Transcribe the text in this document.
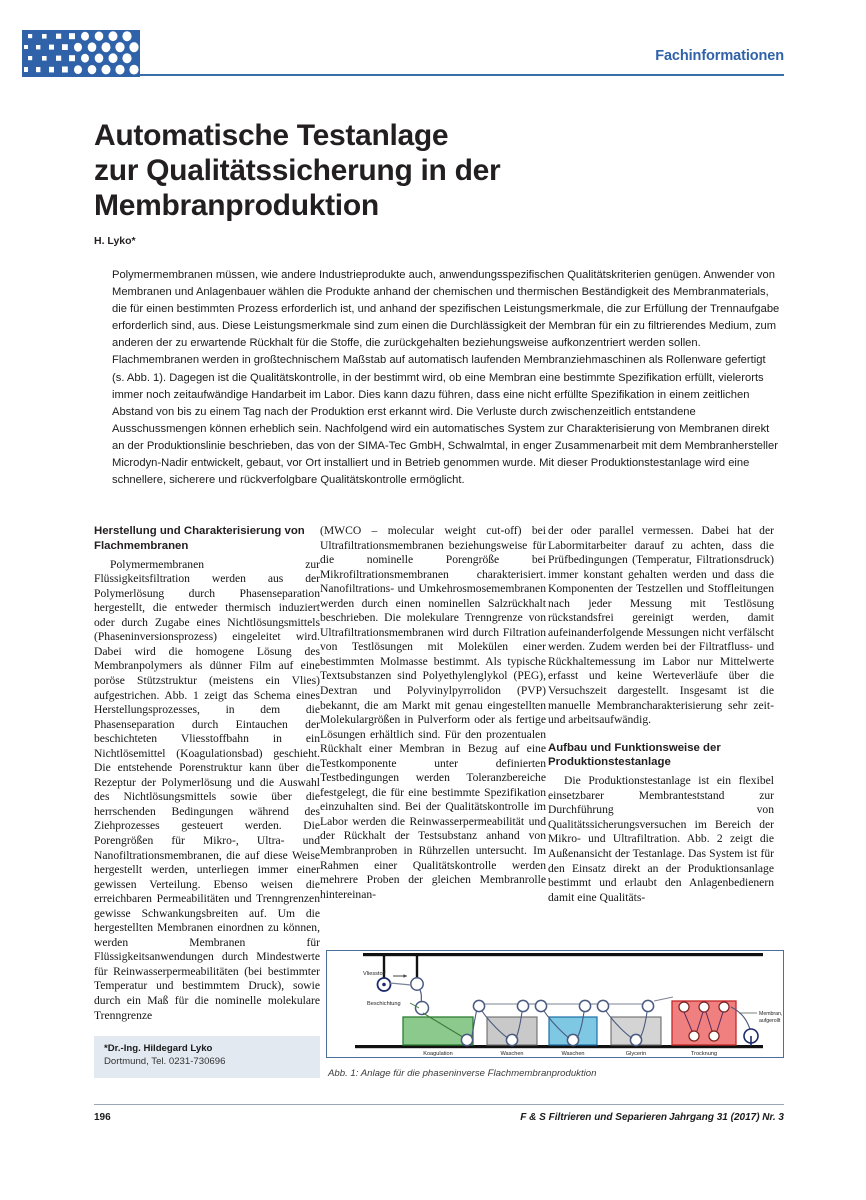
Fachinformationen
Automatische Testanlage
zur Qualitätssicherung in der
Membranproduktion
H. Lyko*
Polymermembranen müssen, wie andere Industrieprodukte auch, anwendungsspezifischen Qualitätskriterien genügen. Anwender von Membranen und Anlagenbauer wählen die Produkte anhand der chemischen und thermischen Beständigkeit des Membranmaterials, die für einen bestimmten Prozess erforderlich ist, und anhand der spezifischen Leistungsmerkmale, die zur Erfüllung der Trennaufgabe erforderlich sind, aus. Diese Leistungsmerkmale sind zum einen die Durchlässigkeit der Membran für ein zu filtrierendes Medium, zum anderen der zu erwartende Rückhalt für die Stoffe, die zurückgehalten beziehungsweise aufkonzentriert werden sollen. Flachmembranen werden in großtechnischem Maßstab auf automatisch laufenden Membranziehmaschinen als Rollenware gefertigt (s. Abb. 1). Dagegen ist die Qualitätskontrolle, in der bestimmt wird, ob eine Membran eine bestimmte Spezifikation erfüllt, vielerorts immer noch zeitaufwändige Handarbeit im Labor. Dies kann dazu führen, dass eine nicht erfüllte Spezifikation in einem zeitlichen Abstand von bis zu einem Tag nach der Produktion erst erkannt wird. Die Verluste durch zwischenzeitlich entstandene Ausschussmengen können erheblich sein. Nachfolgend wird ein automatisches System zur Charakterisierung von Membranen direkt an der Produktionslinie beschrieben, das von der SIMA-Tec GmbH, Schwalmtal, in enger Zusammenarbeit mit dem Membranhersteller Microdyn-Nadir entwickelt, gebaut, vor Ort installiert und in Betrieb genommen wurde. Mit dieser Produktionstestanlage wird eine schnellere, sicherere und rückverfolgbare Qualitätskontrolle ermöglicht.
Herstellung und Charakterisierung von Flachmembranen

Polymermembranen zur Flüssigkeitsfiltration werden aus der Polymerlösung durch Phasenseparation hergestellt, die entweder thermisch induziert oder durch Zugabe eines Nichtlösungsmittels (Phaseninversionsprozess) eingeleitet wird. Dabei wird die homogene Lösung des Membranpolymers als dünner Film auf eine poröse Stützstruktur (meistens ein Vlies) aufgestrichen. Abb. 1 zeigt das Schema eines Herstellungsprozesses, in dem die Phasenseparation durch Eintauchen der beschichteten Vliesstoffbahn in ein Nichtlösemittel (Koagulationsbad) geschieht. Die entstehende Porenstruktur kann über die Rezeptur der Polymerlösung und die Auswahl des Nichtlösungsmittels sowie über die herrschenden Bedingungen während des Ziehprozesses gesteuert werden. Die Porengrößen für Mikro-, Ultra- und Nanofiltrationsmembranen, die auf diese Weise hergestellt werden, unterliegen immer einer gewissen Verteilung. Ebenso weisen die erreichbaren Permeabilitäten und Trenngrenzen gewisse Schwankungsbreiten auf. Um die hergestellten Membranen einordnen zu können, werden Membranen für Flüssigkeitsanwendungen durch Mindestwerte für Reinwasserpermeabilitäten (bei bestimmter Temperatur und bestimmtem Druck), sowie durch ein Maß für die nominelle molekulare Trenngrenze

(MWCO – molecular weight cut-off) bei Ultrafiltrationsmembranen beziehungsweise für die nominelle Porengröße bei Mikrofiltrationsmembranen charakterisiert. Nanofiltrations- und Umkehrosmosemembranen werden durch einen nominellen Salzrückhalt beschrieben. Die molekulare Trenngrenze von Ultrafiltrationsmembranen wird durch Filtration von Testlösungen mit Molekülen einer bestimmten Molmasse bestimmt. Als typische Textsubstanzen sind Polyethylenglykol (PEG), Dextran und Polyvinylpyrrolidon (PVP) bekannt, die am Markt mit genau eingestellten Molekulargrößen in Pulverform oder als fertige Lösungen erhältlich sind. Für den prozentualen Rückhalt einer Membran in Bezug auf eine Testkomponente unter definierten Testbedingungen werden Toleranzbereiche festgelegt, die für eine bestimmte Spezifikation einzuhalten sind. Bei der Qualitätskontrolle im Labor werden die Reinwasserpermeabilität und der Rückhalt der Testsubstanz anhand von Membranproben in Rührzellen untersucht. Im Rahmen einer Qualitätskontrolle werden mehrere Proben der gleichen Membranrolle hintereinan-

der oder parallel vermessen. Dabei hat der Labormitarbeiter darauf zu achten, dass die Prüfbedingungen (Temperatur, Filtrationsdruck) immer konstant gehalten werden und dass die Komponenten der Testzellen und Stoffleitungen nach jeder Messung mit Testlösung rückstandsfrei gereinigt werden, damit aufeinanderfolgende Messungen nicht verfälscht werden. Zudem werden bei der Filtratfluss- und Rückhaltemessung im Labor nur Mittelwerte erfasst und keine Werteverläufe über die Versuchszeit dargestellt. Insgesamt ist die manuelle Membrancharakterisierung sehr zeit- und arbeitsaufwändig.

Aufbau und Funktionsweise der Produktionstestanlage

Die Produktionstestanlage ist ein flexibel einsetzbarer Membranteststand zur Durchführung von Qualitätssicherungsversuchen im Bereich der Mikro- und Ultrafiltration. Abb. 2 zeigt die Außenansicht der Testanlage. Das System ist für den Einsatz direkt an der Produktionsanlage bestimmt und erlaubt den Anlagenbedienern damit eine Qualitäts-

*Dr.-Ing. Hildegard Lyko
Dortmund, Tel. 0231-730696
Vliesstoff
Beschichtung
Membran,
aufgerollt
Koagulation	Waschen	Waschen	Glycerin	Trocknung
Abb. 1: Anlage für die phaseninverse Flachmembranproduktion
196	F & S Filtrieren und Separieren Jahrgang 31 (2017) Nr. 3
